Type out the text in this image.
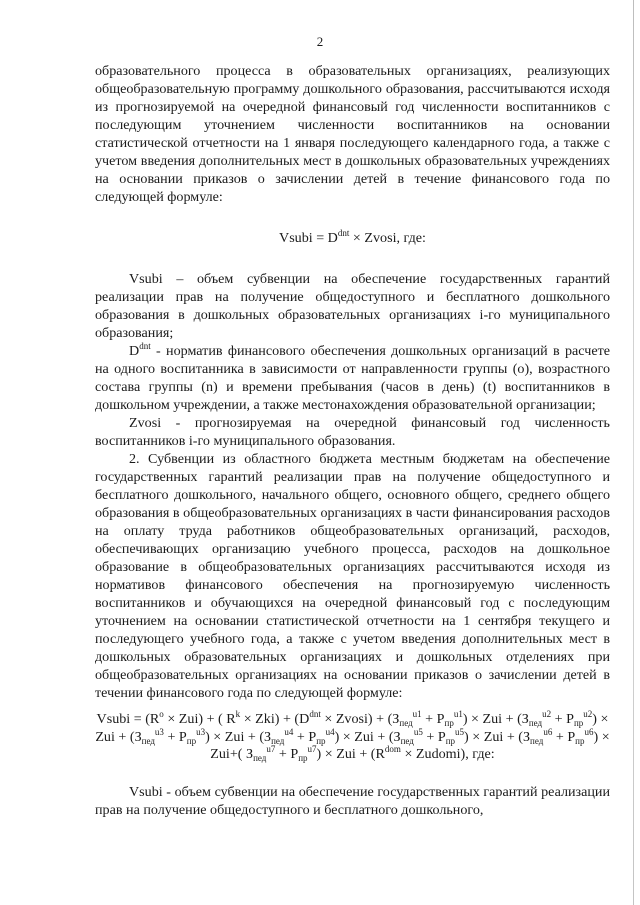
2

образовательного процесса в образовательных организациях, реализующих общеобразовательную программу дошкольного образования, рассчитываются исходя из прогнозируемой на очередной финансовый год численности воспитанников с последующим уточнением численности воспитанников на основании статистической отчетности на 1 января последующего календарного года, а также с учетом введения дополнительных мест в дошкольных образовательных учреждениях на основании приказов о зачислении детей в течение финансового года по следующей формуле:

Vsubi = $D^{dnt}$ × Zvosi, где:

Vsubi – объем субвенции на обеспечение государственных гарантий реализации прав на получение общедоступного и бесплатного дошкольного образования в дошкольных образовательных организациях i-го муниципального образования;

$D^{dnt}$ - норматив финансового обеспечения дошкольных организаций в расчете на одного воспитанника в зависимости от направленности группы (о), возрастного состава группы (n) и времени пребывания (часов в день) (t) воспитанников в дошкольном учреждении, а также местонахождения образовательной организации;

Zvosi - прогнозируемая на очередной финансовый год численность воспитанников i-го муниципального образования.

2. Субвенции из областного бюджета местным бюджетам на обеспечение государственных гарантий реализации прав на получение общедоступного и бесплатного дошкольного, начального общего, основного общего, среднего общего образования в общеобразовательных организациях в части финансирования расходов на оплату труда работников общеобразовательных организаций, расходов, обеспечивающих организацию учебного процесса, расходов на дошкольное образование в общеобразовательных организациях рассчитываются исходя из нормативов финансового обеспечения на прогнозируемую численность воспитанников и обучающихся на очередной финансовый год с последующим уточнением на основании статистической отчетности на 1 сентября текущего и последующего учебного года, а также с учетом введения дополнительных мест в дошкольных образовательных организациях и дошкольных отделениях при общеобразовательных организациях на основании приказов о зачислении детей в течении финансового года по следующей формуле:

Vsubi = $(R^o \times Zui)$ + ( $R^k \times Zki) + (D^{dnt}$ × Zvosi) + $(З_{пед}^{u1} + P_{пр}^{u1})$ × Zui + $(З_{пед}^{u2} + P_{пр}^{u2})$ × Zui + $(З_{пед}^{u3} + P_{пр}^{u3})$ × Zui + $(З_{пед}^{u4} + P_{пр}^{u4})$ × Zui + $(З_{пед}^{u5} + P_{пр}^{u5})$ × Zui + $(З_{пед}^{u6} + P_{пр}^{u6}) \times Zui+$( $З_{пед}^{u7} + P_{пр}^{u7}$) × Zui + ($R^{dom}$ × Zudomi), где:

Vsubi - объем субвенции на обеспечение государственных гарантий реализации прав на получение общедоступного и бесплатного дошкольного,
